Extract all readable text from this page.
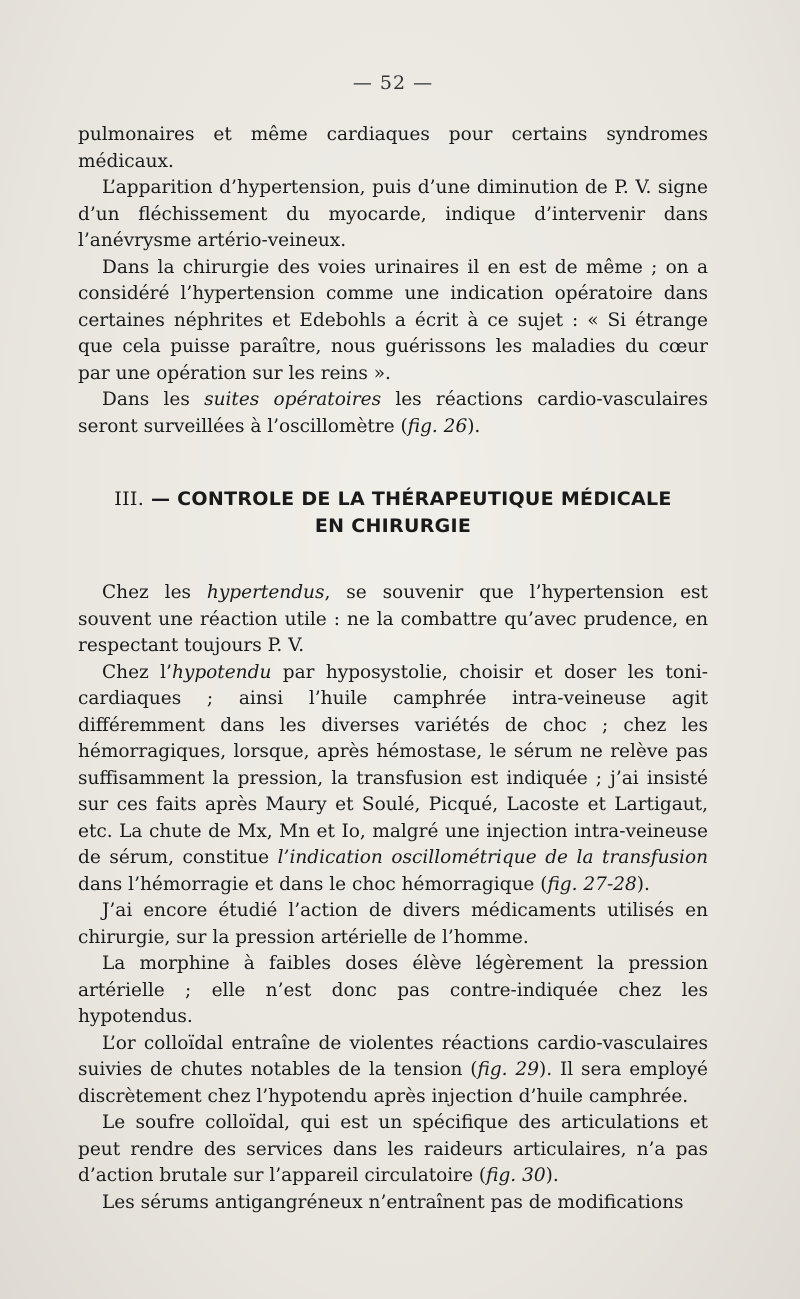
— 52 —

pulmonaires et même cardiaques pour certains syndromes médicaux.

L’apparition d’hypertension, puis d’une diminution de P. V. signe d’un fléchissement du myocarde, indique d’intervenir dans l’anévrysme artério-veineux.

Dans la chirurgie des voies urinaires il en est de même ; on a considéré l’hypertension comme une indication opératoire dans certaines néphrites et Edebohls a écrit à ce sujet : « Si étrange que cela puisse paraître, nous guérissons les maladies du cœur par une opération sur les reins ».

Dans les suites opératoires les réactions cardio-vasculaires seront surveillées à l’oscillomètre (fig. 26).

III. — CONTROLE DE LA THÉRAPEUTIQUE MÉDICALE
EN CHIRURGIE

Chez les hypertendus, se souvenir que l’hypertension est souvent une réaction utile : ne la combattre qu’avec prudence, en respectant toujours P. V.

Chez l’hypotendu par hyposystolie, choisir et doser les toni-cardiaques ; ainsi l’huile camphrée intra-veineuse agit différemment dans les diverses variétés de choc ; chez les hémorragiques, lorsque, après hémostase, le sérum ne relève pas suffisamment la pression, la transfusion est indiquée ; j’ai insisté sur ces faits après Maury et Soulé, Picqué, Lacoste et Lartigaut, etc. La chute de Mx, Mn et Io, malgré une injection intra-veineuse de sérum, constitue l’indication oscillométrique de la transfusion dans l’hémorragie et dans le choc hémorragique (fig. 27-28).

J’ai encore étudié l’action de divers médicaments utilisés en chirurgie, sur la pression artérielle de l’homme.

La morphine à faibles doses élève légèrement la pression artérielle ; elle n’est donc pas contre-indiquée chez les hypotendus.

L’or colloïdal entraîne de violentes réactions cardio-vasculaires suivies de chutes notables de la tension (fig. 29). Il sera employé discrètement chez l’hypotendu après injection d’huile camphrée.

Le soufre colloïdal, qui est un spécifique des articulations et peut rendre des services dans les raideurs articulaires, n’a pas d’action brutale sur l’appareil circulatoire (fig. 30).

Les sérums antigangréneux n’entraînent pas de modifications
